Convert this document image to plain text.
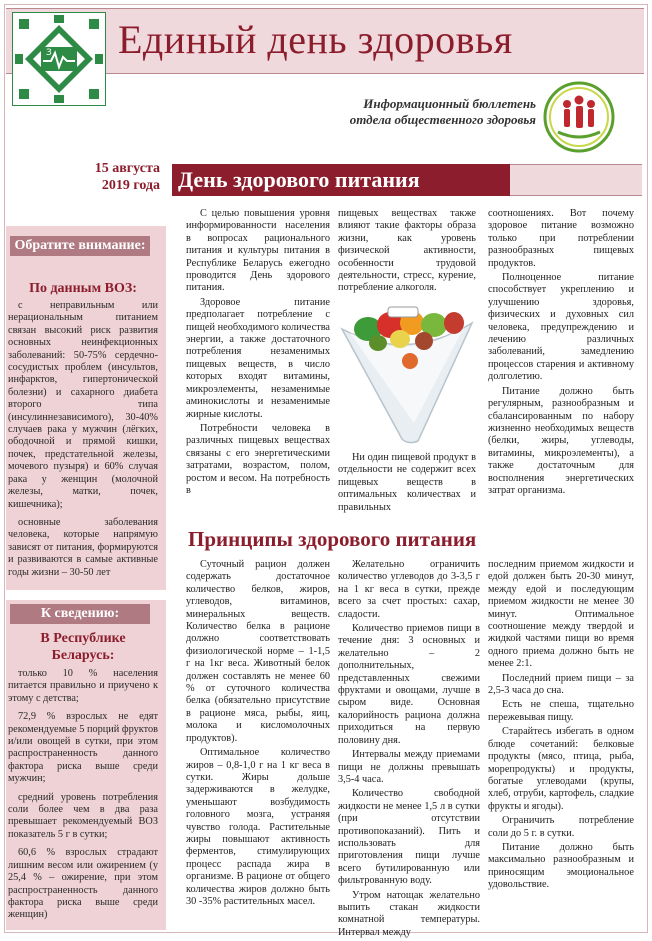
З Единый день здоровья
Информационный бюллетень
отдела общественного здоровья
15 августа
2019 года День здорового питания
Обратите внимание:
По данным ВОЗ:

с неправильным или нерациональным питанием связан высокий риск развития основных неинфекционных заболеваний: 50-75% сердечно-сосудистых проблем (инсультов, инфарктов, гипертонической болезни) и сахарного диабета второго типа (инсулиннезависимого), 30-40% случаев рака у мужчин (лёгких, ободочной и прямой кишки, почек, предстательной железы, мочевого пузыря) и 60% случая рака у женщин (молочной железы, матки, почек, кишечника);

основные заболевания человека, которые напрямую зависят от питания, формируются и развиваются в самые активные годы жизни – 30-50 лет

К сведению:
В Республике Беларусь:

только 10 % населения питается правильно и приучено к этому с детства;

72,9 % взрослых не едят рекомендуемые 5 порций фруктов и/или овощей в сутки, при этом распространенность данного фактора риска выше среди мужчин;

средний уровень потребления соли более чем в два раза превышает рекомендуемый ВОЗ показатель 5 г в сутки;

60,6 % взрослых страдают лишним весом или ожирением (у 25,4 % – ожирение, при этом распространенность данного фактора риска выше среди женщин)

С целью повышения уровня информированности населения в вопросах рационального питания и культуры питания в Республике Беларусь ежегодно проводится День здорового питания.

Здоровое питание предполагает потребление с пищей необходимого количества энергии, а также достаточного потребления незаменимых пищевых веществ, в число которых входят витамины, микроэлементы, незаменимые аминокислоты и незаменимые жирные кислоты.

Потребности человека в различных пищевых веществах связаны с его энергетическими затратами, возрастом, полом, ростом и весом. На потребность в

пищевых веществах также влияют такие факторы образа жизни, как уровень физической активности, особенности трудовой деятельности, стресс, курение, потребление алкоголя.

Ни один пищевой продукт в отдельности не содержит всех пищевых веществ в оптимальных количествах и правильных

соотношениях. Вот почему здоровое питание возможно только при потреблении разнообразных пищевых продуктов.

Полноценное питание способствует укреплению и улучшению здоровья, физических и духовных сил человека, предупреждению и лечению различных заболеваний, замедлению процессов старения и активному долголетию.

Питание должно быть регулярным, разнообразным и сбалансированным по набору жизненно необходимых веществ (белки, жиры, углеводы, витамины, микроэлементы), а также достаточным для восполнения энергетических затрат организма.

Принципы здорового питания

Суточный рацион должен содержать достаточное количество белков, жиров, углеводов, витаминов, минеральных веществ. Количество белка в рационе должно соответствовать физиологической норме – 1-1,5 г на 1кг веса. Животный белок должен составлять не менее 60 % от суточного количества белка (обязательно присутствие в рационе мяса, рыбы, яиц, молока и кисломолочных продуктов).

Оптимальное количество жиров – 0,8-1,0 г на 1 кг веса в сутки. Жиры дольше задерживаются в желудке, уменьшают возбудимость головного мозга, устраняя чувство голода. Растительные жиры повышают активность ферментов, стимулирующих процесс распада жира в организме. В рационе от общего количества жиров должно быть 30 -35% растительных масел.

Желательно ограничить количество углеводов до 3-3,5 г на 1 кг веса в сутки, прежде всего за счет простых: сахар, сладости.

Количество приемов пищи в течение дня: 3 основных и желательно – 2 дополнительных, представленных свежими фруктами и овощами, лучше в сыром виде. Основная калорийность рациона должна приходиться на первую половину дня.

Интервалы между приемами пищи не должны превышать 3,5-4 часа.

Количество свободной жидкости не менее 1,5 л в сутки (при отсутствии противопоказаний). Пить и использовать для приготовления пищи лучше всего бутилированную или фильтрованную воду.

Утром натощак желательно выпить стакан жидкости комнатной температуры. Интервал между

последним приемом жидкости и едой должен быть 20-30 минут, между едой и последующим приемом жидкости не менее 30 минут. Оптимальное соотношение между твердой и жидкой частями пищи во время одного приема должно быть не менее 2:1.

Последний прием пищи – за 2,5-3 часа до сна.

Есть не спеша, тщательно пережевывая пищу.

Старайтесь избегать в одном блюде сочетаний: белковые продукты (мясо, птица, рыба, морепродукты) и продукты, богатые углеводами (крупы, хлеб, отруби, картофель, сладкие фрукты и ягоды).

Ограничить потребление соли до 5 г. в сутки.

Питание должно быть максимально разнообразным и приносящим эмоциональное удовольствие.
